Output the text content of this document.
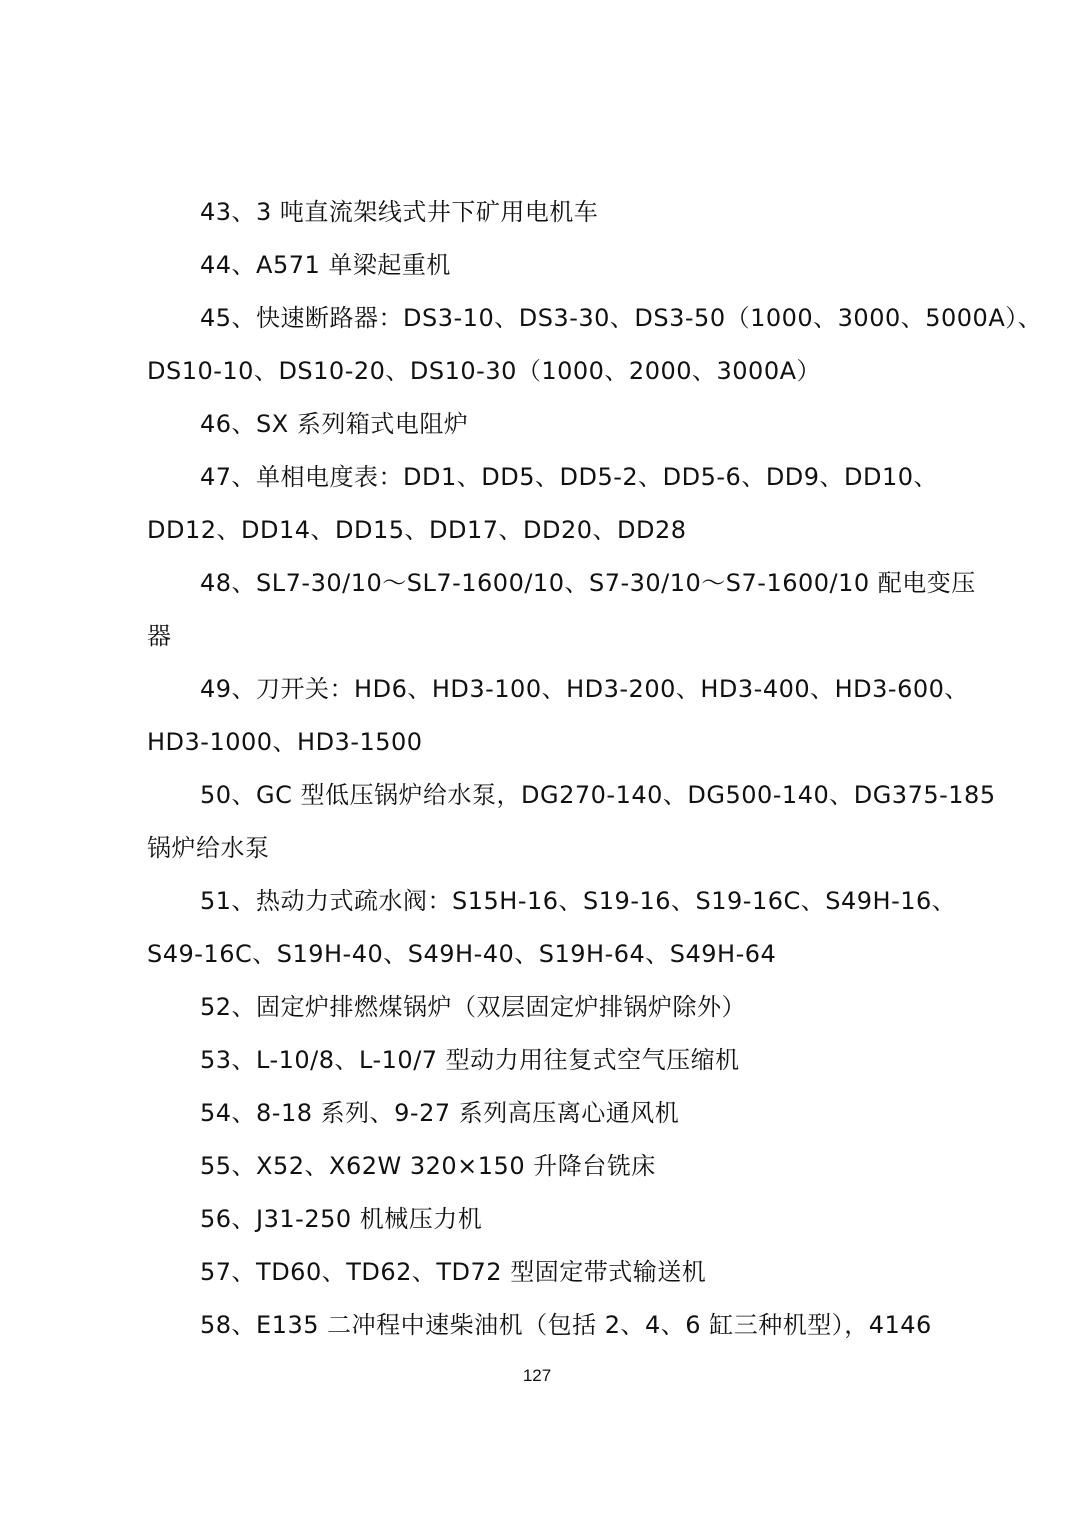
43、3 吨直流架线式井下矿用电机车

44、A571 单梁起重机

45、快速断路器：DS3-10、DS3-30、DS3-50（1000、3000、5000A）、
DS10-10、DS10-20、DS10-30（1000、2000、3000A）

46、SX 系列箱式电阻炉

47、单相电度表：DD1、DD5、DD5-2、DD5-6、DD9、DD10、
DD12、DD14、DD15、DD17、DD20、DD28

48、SL7-30/10～SL7-1600/10、S7-30/10～S7-1600/10 配电变压
器

49、刀开关：HD6、HD3-100、HD3-200、HD3-400、HD3-600、
HD3-1000、HD3-1500

50、GC 型低压锅炉给水泵，DG270-140、DG500-140、DG375-185
锅炉给水泵

51、热动力式疏水阀：S15H-16、S19-16、S19-16C、S49H-16、
S49-16C、S19H-40、S49H-40、S19H-64、S49H-64

52、固定炉排燃煤锅炉（双层固定炉排锅炉除外）

53、L-10/8、L-10/7 型动力用往复式空气压缩机

54、8-18 系列、9-27 系列高压离心通风机

55、X52、X62W 320×150 升降台铣床

56、J31-250 机械压力机

57、TD60、TD62、TD72 型固定带式输送机

58、E135 二冲程中速柴油机（包括 2、4、6 缸三种机型），4146

127
